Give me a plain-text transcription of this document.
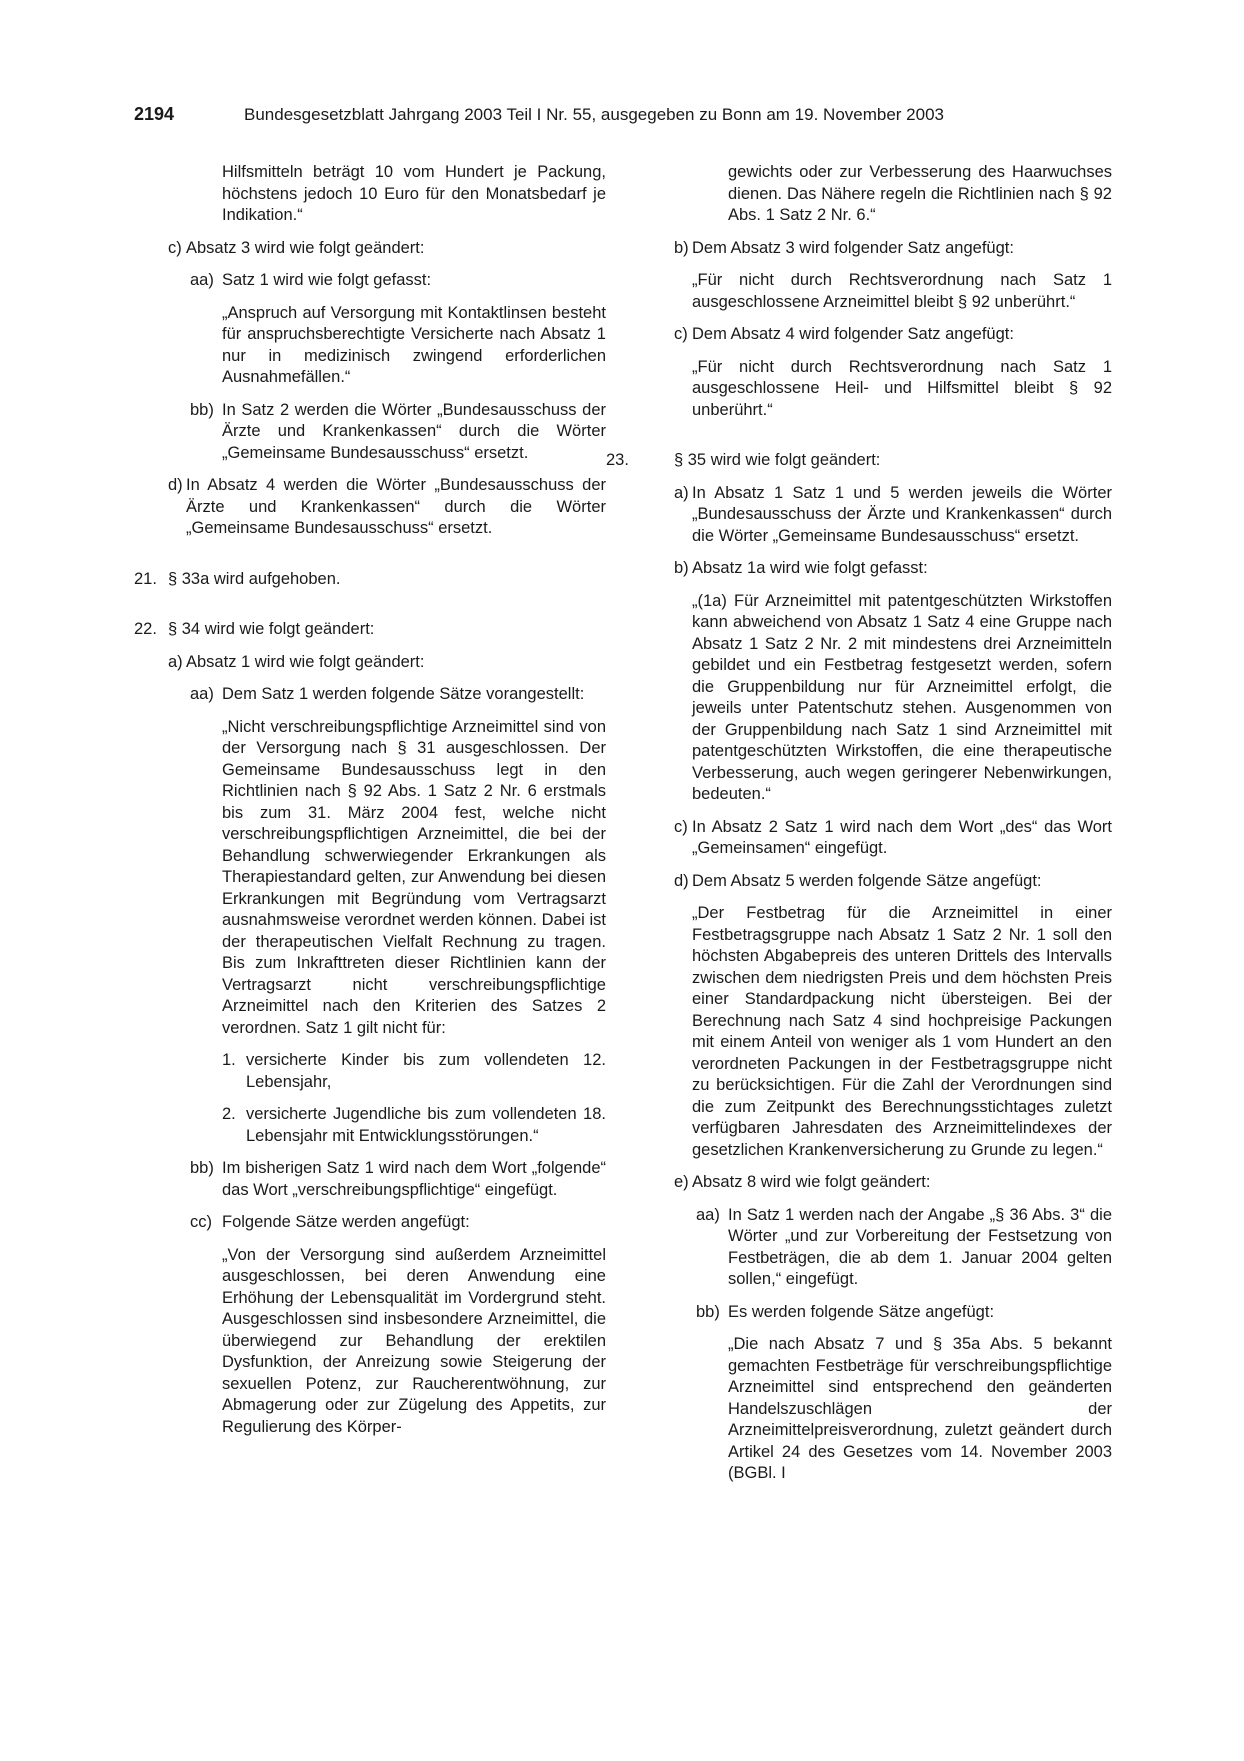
2194	Bundesgesetzblatt Jahrgang 2003 Teil I Nr. 55, ausgegeben zu Bonn am 19. November 2003
Hilfsmitteln beträgt 10 vom Hundert je Packung, höchstens jedoch 10 Euro für den Monatsbedarf je Indikation.“
c) Absatz 3 wird wie folgt geändert:
aa) Satz 1 wird wie folgt gefasst:
„Anspruch auf Versorgung mit Kontaktlinsen besteht für anspruchsberechtigte Versicherte nach Absatz 1 nur in medizinisch zwingend erforderlichen Ausnahmefällen.“
bb) In Satz 2 werden die Wörter „Bundesausschuss der Ärzte und Krankenkassen“ durch die Wörter „Gemeinsame Bundesausschuss“ ersetzt.
d) In Absatz 4 werden die Wörter „Bundesausschuss der Ärzte und Krankenkassen“ durch die Wörter „Gemeinsame Bundesausschuss“ ersetzt.
21. § 33a wird aufgehoben.
22. § 34 wird wie folgt geändert:
a) Absatz 1 wird wie folgt geändert:
aa) Dem Satz 1 werden folgende Sätze vorangestellt:
„Nicht verschreibungspflichtige Arzneimittel sind von der Versorgung nach § 31 ausgeschlossen. Der Gemeinsame Bundesausschuss legt in den Richtlinien nach § 92 Abs. 1 Satz 2 Nr. 6 erstmals bis zum 31. März 2004 fest, welche nicht verschreibungspflichtigen Arzneimittel, die bei der Behandlung schwerwiegender Erkrankungen als Therapiestandard gelten, zur Anwendung bei diesen Erkrankungen mit Begründung vom Vertragsarzt ausnahmsweise verordnet werden können. Dabei ist der therapeutischen Vielfalt Rechnung zu tragen. Bis zum Inkrafttreten dieser Richtlinien kann der Vertragsarzt nicht verschreibungspflichtige Arzneimittel nach den Kriterien des Satzes 2 verordnen. Satz 1 gilt nicht für:
1. versicherte Kinder bis zum vollendeten 12. Lebensjahr,
2. versicherte Jugendliche bis zum vollendeten 18. Lebensjahr mit Entwicklungsstörungen.“
bb) Im bisherigen Satz 1 wird nach dem Wort „folgende“ das Wort „verschreibungspflichtige“ eingefügt.
cc) Folgende Sätze werden angefügt:
„Von der Versorgung sind außerdem Arzneimittel ausgeschlossen, bei deren Anwendung eine Erhöhung der Lebensqualität im Vordergrund steht. Ausgeschlossen sind insbesondere Arzneimittel, die überwiegend zur Behandlung der erektilen Dysfunktion, der Anreizung sowie Steigerung der sexuellen Potenz, zur Raucherentwöhnung, zur Abmagerung oder zur Zügelung des Appetits, zur Regulierung des Körper-
gewichts oder zur Verbesserung des Haarwuchses dienen. Das Nähere regeln die Richtlinien nach § 92 Abs. 1 Satz 2 Nr. 6.“
b) Dem Absatz 3 wird folgender Satz angefügt:
„Für nicht durch Rechtsverordnung nach Satz 1 ausgeschlossene Arzneimittel bleibt § 92 unberührt.“
c) Dem Absatz 4 wird folgender Satz angefügt:
„Für nicht durch Rechtsverordnung nach Satz 1 ausgeschlossene Heil- und Hilfsmittel bleibt § 92 unberührt.“
23.	§ 35 wird wie folgt geändert:
a) In Absatz 1 Satz 1 und 5 werden jeweils die Wörter „Bundesausschuss der Ärzte und Krankenkassen“ durch die Wörter „Gemeinsame Bundesausschuss“ ersetzt.
b) Absatz 1a wird wie folgt gefasst:
„(1a) Für Arzneimittel mit patentgeschützten Wirkstoffen kann abweichend von Absatz 1 Satz 4 eine Gruppe nach Absatz 1 Satz 2 Nr. 2 mit mindestens drei Arzneimitteln gebildet und ein Festbetrag festgesetzt werden, sofern die Gruppenbildung nur für Arzneimittel erfolgt, die jeweils unter Patentschutz stehen. Ausgenommen von der Gruppenbildung nach Satz 1 sind Arzneimittel mit patentgeschützten Wirkstoffen, die eine therapeutische Verbesserung, auch wegen geringerer Nebenwirkungen, bedeuten.“
c) In Absatz 2 Satz 1 wird nach dem Wort „des“ das Wort „Gemeinsamen“ eingefügt.
d) Dem Absatz 5 werden folgende Sätze angefügt:
„Der Festbetrag für die Arzneimittel in einer Festbetragsgruppe nach Absatz 1 Satz 2 Nr. 1 soll den höchsten Abgabepreis des unteren Drittels des Intervalls zwischen dem niedrigsten Preis und dem höchsten Preis einer Standardpackung nicht übersteigen. Bei der Berechnung nach Satz 4 sind hochpreisige Packungen mit einem Anteil von weniger als 1 vom Hundert an den verordneten Packungen in der Festbetragsgruppe nicht zu berücksichtigen. Für die Zahl der Verordnungen sind die zum Zeitpunkt des Berechnungsstichtages zuletzt verfügbaren Jahresdaten des Arzneimittelindexes der gesetzlichen Krankenversicherung zu Grunde zu legen.“
e) Absatz 8 wird wie folgt geändert:
aa) In Satz 1 werden nach der Angabe „§ 36 Abs. 3“ die Wörter „und zur Vorbereitung der Festsetzung von Festbeträgen, die ab dem 1. Januar 2004 gelten sollen,“ eingefügt.
bb) Es werden folgende Sätze angefügt:
„Die nach Absatz 7 und § 35a Abs. 5 bekannt gemachten Festbeträge für verschreibungspflichtige Arzneimittel sind entsprechend den geänderten Handelszuschlägen der Arzneimittelpreisverordnung, zuletzt geändert durch Artikel 24 des Gesetzes vom 14. November 2003 (BGBl. I
